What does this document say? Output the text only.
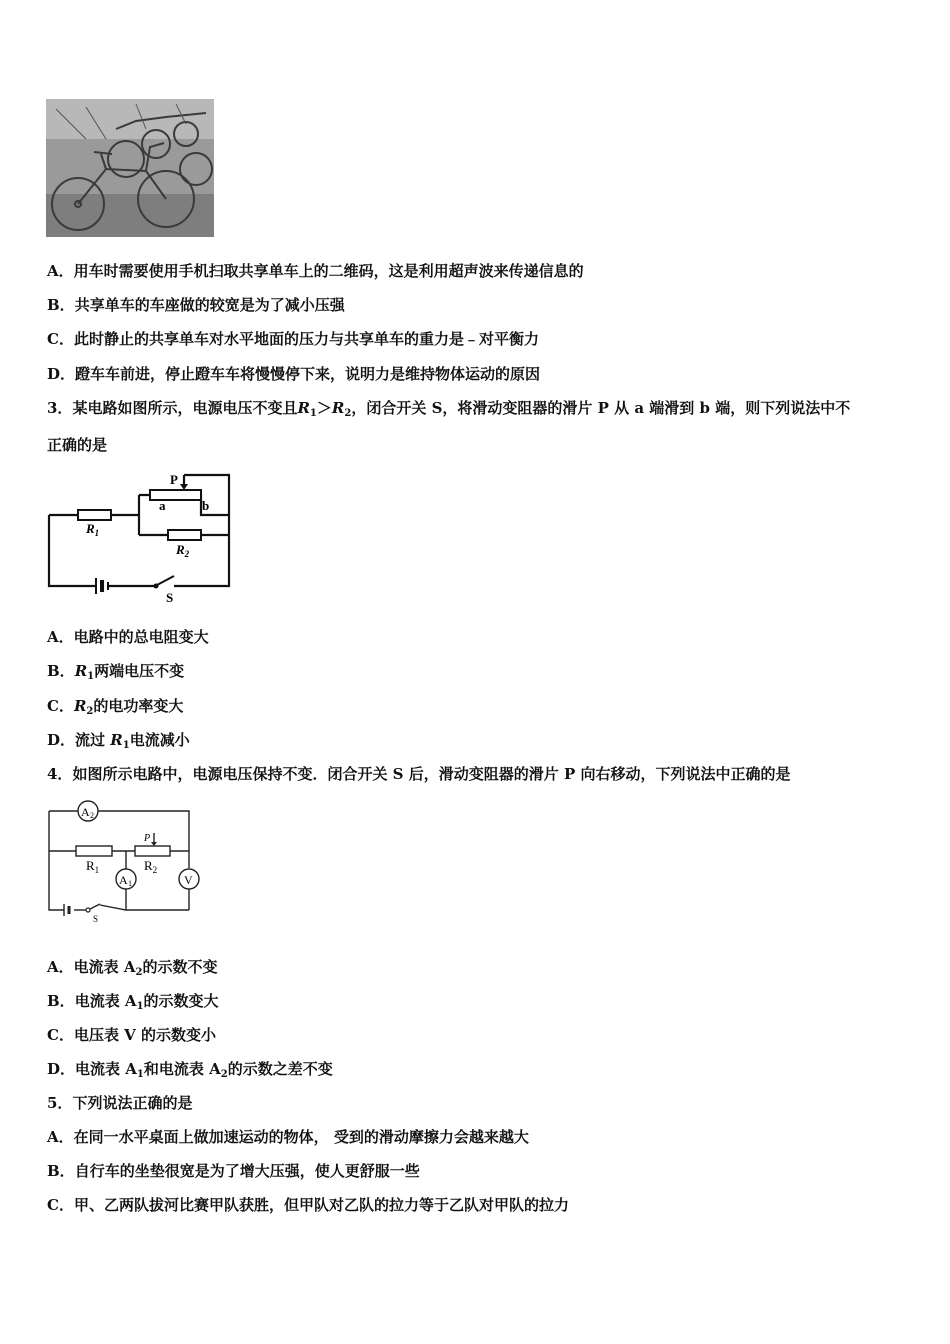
A．用车时需要使用手机扫取共享单车上的二维码，这是利用超声波来传递信息的
B．共享单车的车座做的较宽是为了减小压强
C．此时静止的共享单车对水平地面的压力与共享单车的重力是﹣对平衡力
D．蹬车车前进，停止蹬车车将慢慢停下来，说明力是维持物体运动的原因
3．某电路如图所示，电源电压不变且$R_1>R_2$，闭合开关 S，将滑动变阻器的滑片 P 从 a 端滑到 b 端，则下列说法中不
正确的是
P
a	b
$R_1$
$R_2$
S
A．电路中的总电阻变大
B．$R_1$两端电压不变
C．$R_2$的电功率变大
D．流过 $R_1$电流减小
4．如图所示电路中，电源电压保持不变．闭合开关 S 后，滑动变阻器的滑片 P 向右移动，下列说法中正确的是
A 2
P
A 1	V
$R_1$	$R_2$
S
A．电流表 $A_2$的示数不变
B．电流表 $A_1$的示数变大
C．电压表 V 的示数变小
D．电流表 $A_1$和电流表 $A_2$的示数之差不变
5．下列说法正确的是
A．在同一水平桌面上做加速运动的物体， 受到的滑动摩擦力会越来越大
B．自行车的坐垫很宽是为了增大压强，使人更舒服一些
C．甲、乙两队拔河比赛甲队获胜，但甲队对乙队的拉力等于乙队对甲队的拉力
